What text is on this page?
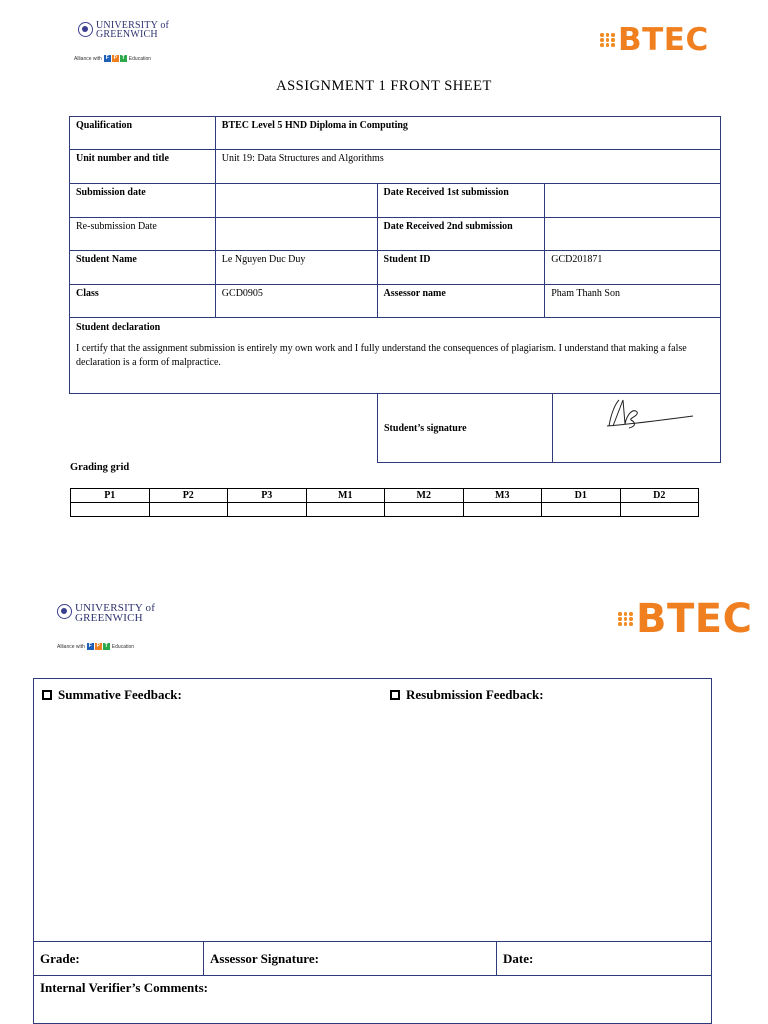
UNIVERSITY of
GREENWICH
Alliance with F P T Education
BTEC
ASSIGNMENT 1 FRONT SHEET
Qualification	BTEC Level 5 HND Diploma in Computing		
Unit number and title	Unit 19: Data Structures and Algorithms		
Submission date		Date Received 1st submission	
Re-submission Date		Date Received 2nd submission	
Student Name	Le Nguyen Duc Duy	Student ID	GCD201871
Class	GCD0905	Assessor name	Pham Thanh Son
Student declaration
I certify that the assignment submission is entirely my own work and I fully understand the consequences of plagiarism. I understand that making a false declaration is a form of malpractice.
Student’s signature
Grading grid
P1	P2	P3	M1	M2	M3	D1	D2

UNIVERSITY of
GREENWICH
Alliance with F P T Education
BTEC
Summative Feedback:	Resubmission Feedback:
Grade:	Assessor Signature:	Date:
Internal Verifier’s Comments:
